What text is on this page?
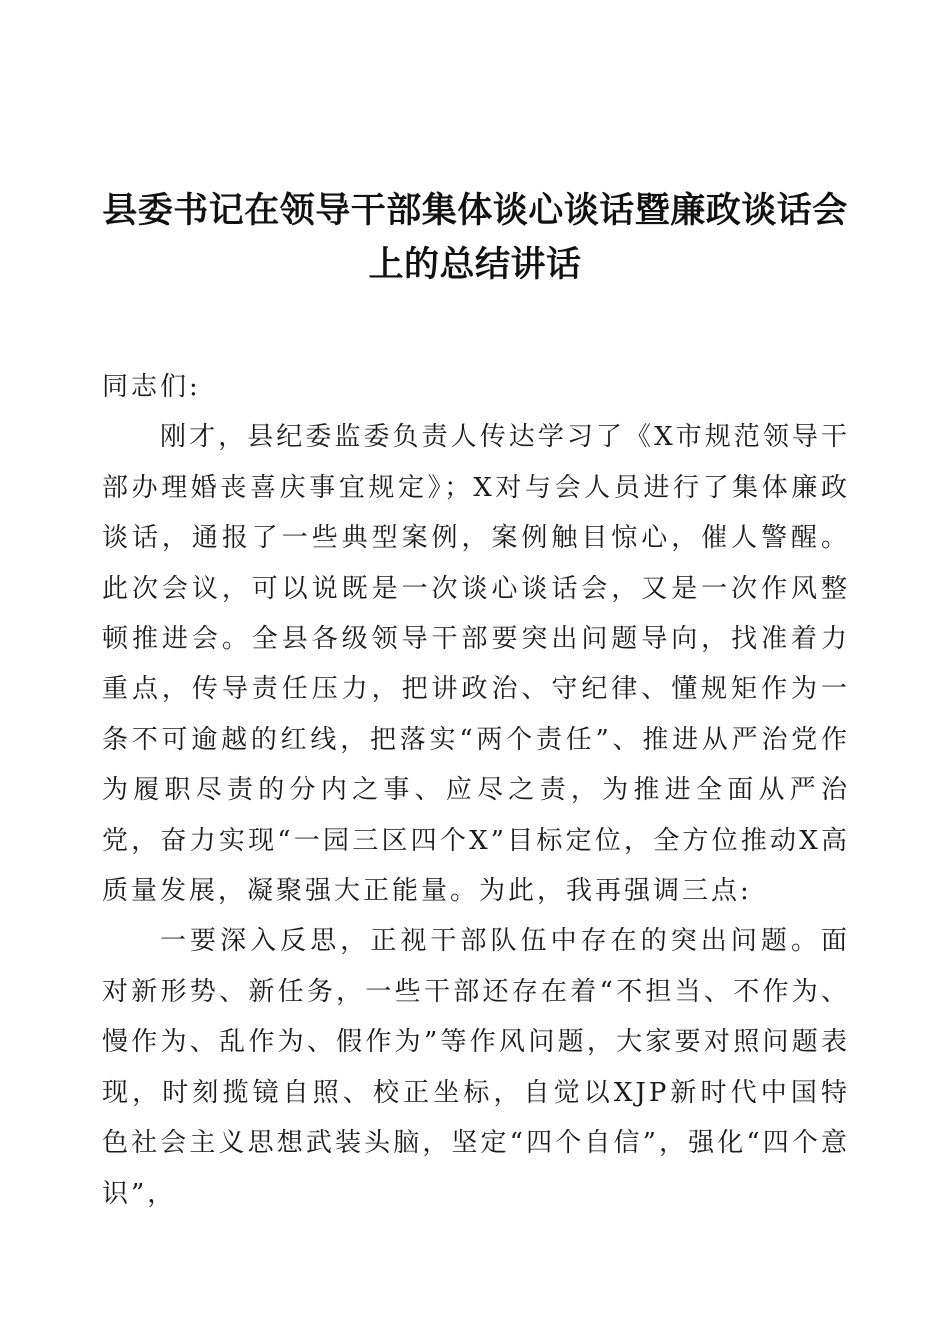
县委书记在领导干部集体谈心谈话暨廉政谈话会
上的总结讲话

同志们:

刚才，县纪委监委负责人传达学习了《X市规范领导干部办理婚丧喜庆事宜规定》；X对与会人员进行了集体廉政谈话，通报了一些典型案例，案例触目惊心，催人警醒。此次会议，可以说既是一次谈心谈话会，又是一次作风整顿推进会。全县各级领导干部要突出问题导向，找准着力重点，传导责任压力，把讲政治、守纪律、懂规矩作为一条不可逾越的红线，把落实“两个责任”、推进从严治党作为履职尽责的分内之事、应尽之责，为推进全面从严治党，奋力实现“一园三区四个X”目标定位，全方位推动X高质量发展，凝聚强大正能量。为此，我再强调三点:

一要深入反思，正视干部队伍中存在的突出问题。面对新形势、新任务，一些干部还存在着“不担当、不作为、慢作为、乱作为、假作为”等作风问题，大家要对照问题表现，时刻揽镜自照、校正坐标，自觉以XJP新时代中国特色社会主义思想武装头脑，坚定“四个自信”，强化“四个意识”，
